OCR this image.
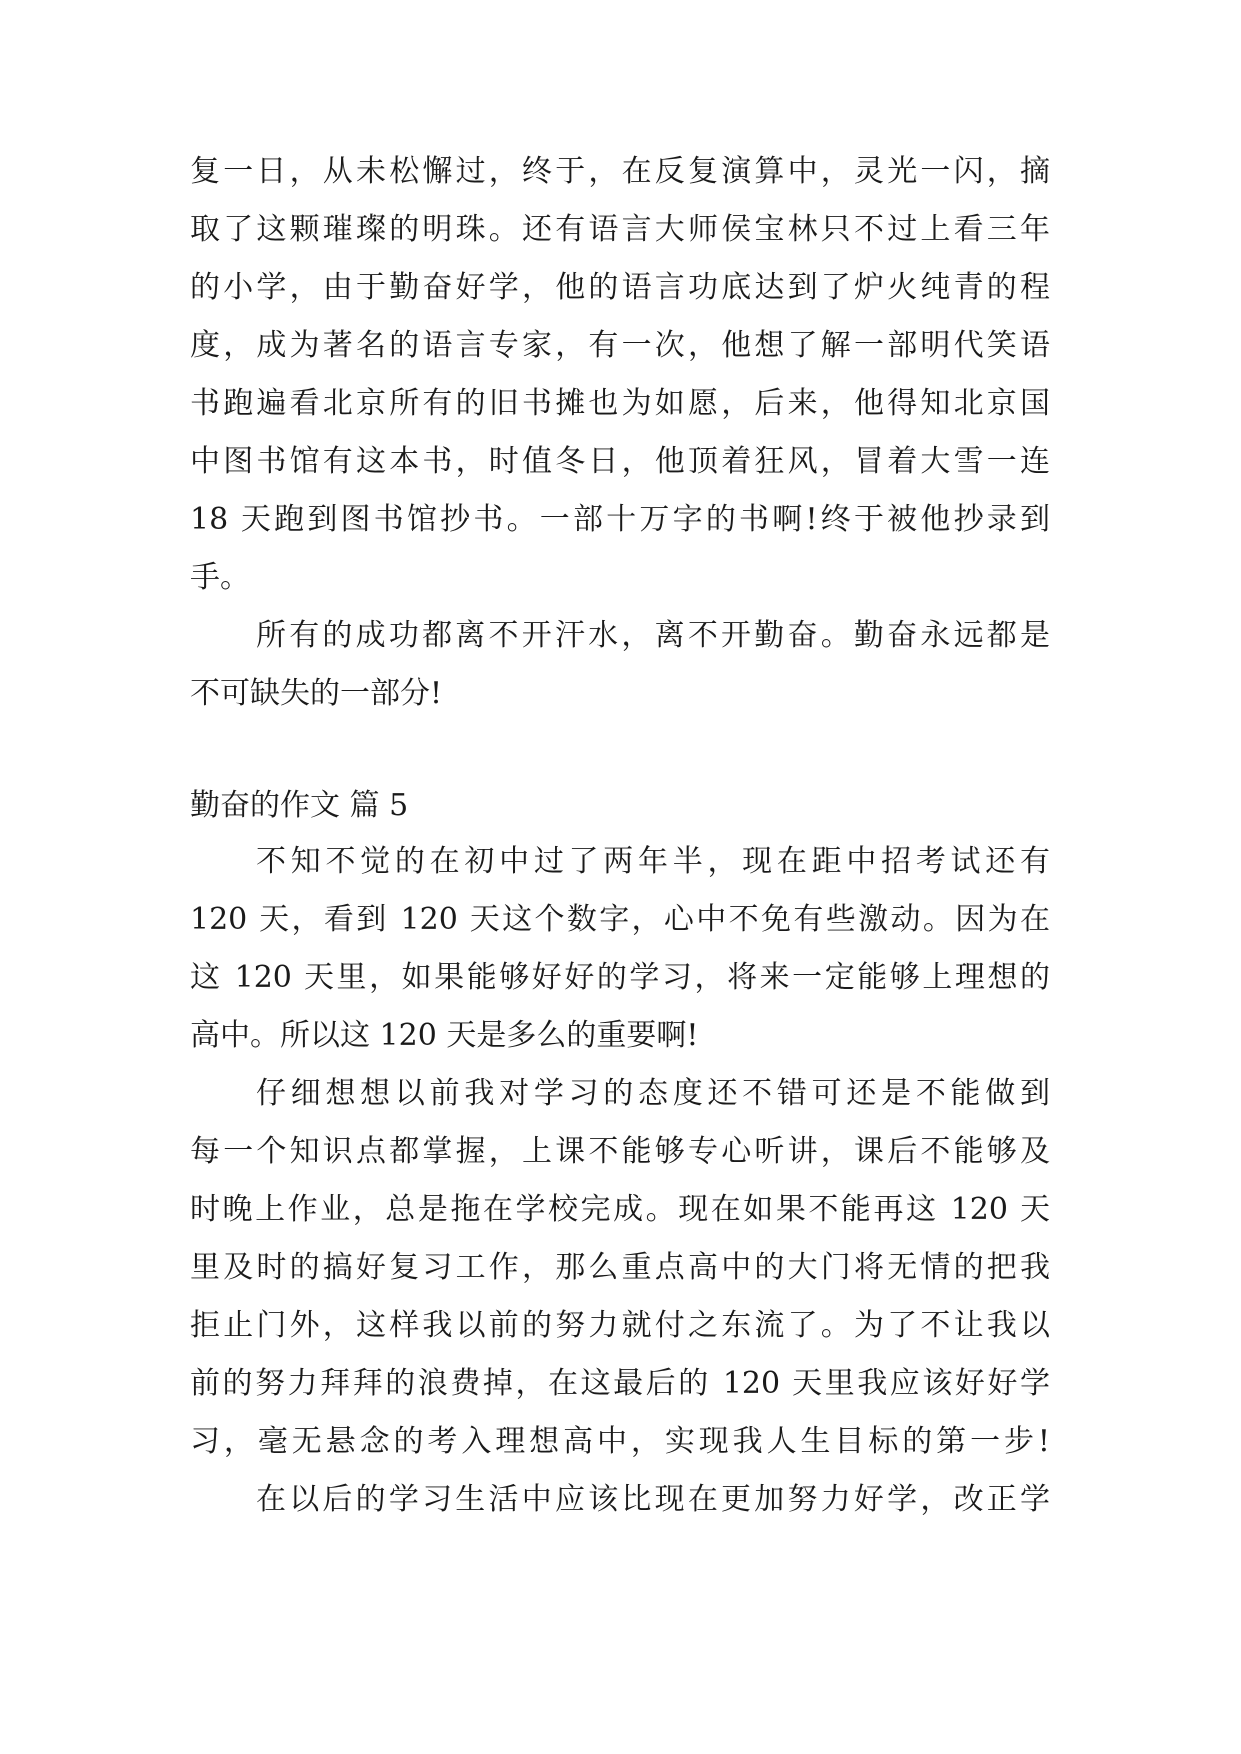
复一日，从未松懈过，终于，在反复演算中，灵光一闪，摘
取了这颗璀璨的明珠。还有语言大师侯宝林只不过上看三年
的小学，由于勤奋好学，他的语言功底达到了炉火纯青的程
度，成为著名的语言专家，有一次，他想了解一部明代笑语
书跑遍看北京所有的旧书摊也为如愿，后来，他得知北京国
中图书馆有这本书，时值冬日，他顶着狂风，冒着大雪一连
18 天跑到图书馆抄书。一部十万字的书啊!终于被他抄录到
手。
所有的成功都离不开汗水，离不开勤奋。勤奋永远都是
不可缺失的一部分!
勤奋的作文 篇 5
不知不觉的在初中过了两年半，现在距中招考试还有
120 天，看到 120 天这个数字，心中不免有些激动。因为在
这 120 天里，如果能够好好的学习，将来一定能够上理想的
高中。所以这 120 天是多么的重要啊!
仔细想想以前我对学习的态度还不错可还是不能做到
每一个知识点都掌握，上课不能够专心听讲，课后不能够及
时晚上作业，总是拖在学校完成。现在如果不能再这 120 天
里及时的搞好复习工作，那么重点高中的大门将无情的把我
拒止门外，这样我以前的努力就付之东流了。为了不让我以
前的努力拜拜的浪费掉，在这最后的 120 天里我应该好好学
习，毫无悬念的考入理想高中，实现我人生目标的第一步!
在以后的学习生活中应该比现在更加努力好学，改正学
